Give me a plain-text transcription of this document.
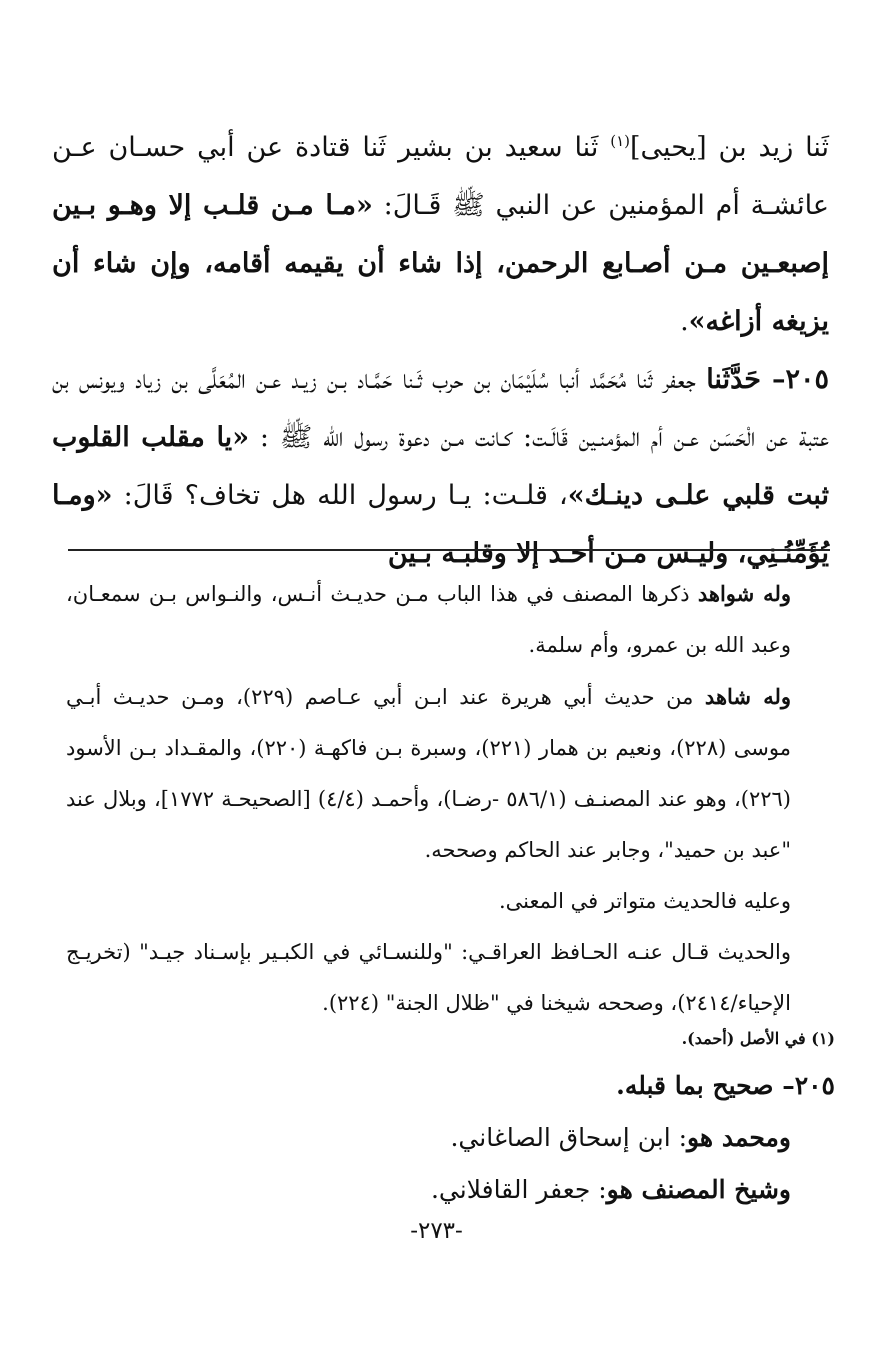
ثَنا زيد بن [يحيى]$^{(١)}$ ثَنا سعيد بن بشير ثَنا قتادة عن أبي حسـان عـن عائشـة أم المؤمنين عن النبي ﷺ قَـالَ: «مـا مـن قلـب إلا وهـو بـين إصبعـين مـن أصـابع الرحمن، إذا شاء أن يقيمه أقامه، وإن شاء أن يزيغه أزاغه».

٢٠٥– حَدَّثَنا جعفر ثَنا مُحَمَّد أنبا سُلَيْمَان بن حرب ثَـنا حَمَّـاد بـن زيـد عـن المُعَلَّى بن زياد ويونس بن عتبة عن الْحَسَن عـن أم المؤمنـين قَالَـت: كـانت مـن دعوة رسول الله ﷺ : «يا مقلب القلوب ثبت قلبي علـى دينـك»، قلـت: يـا رسول الله هل تخاف؟ قَالَ: «ومـا يُؤَمِّنُـنِي، وليـس مـن أحـد إلا وقلبـه بـين

وله شواهد ذكرها المصنف في هذا الباب مـن حديـث أنـس، والنـواس بـن سمعـان، وعبد الله بن عمرو، وأم سلمة.

وله شاهد من حديث أبي هريرة عند ابـن أبي عـاصم (٢٢٩)، ومـن حديـث أبـي موسى (٢٢٨)، ونعيم بن همار (٢٢١)، وسبرة بـن فاكهـة (٢٢٠)، والمقـداد بـن الأسود (٢٢٦)، وهو عند المصنـف (٥٨٦/١ -رضـا)، وأحمـد (٤/٤) [الصحيحـة ١٧٧٢]، وبلال عند "عبد بن حميد"، وجابر عند الحاكم وصححه.

وعليه فالحديث متواتر في المعنى.

والحديث قـال عنـه الحـافظ العراقـي: "وللنسـائي في الكبـير بإسـناد جيـد" (تخريـج الإحياء/٢٤١٤)، وصححه شيخنا في "ظلال الجنة" (٢٢٤).

(١) في الأصل (أحمد).

٢٠٥– صحيح بما قبله.

ومحمد هو: ابن إسحاق الصاغاني.

وشيخ المصنف هو: جعفر القافلاني.

-٢٧٣-
